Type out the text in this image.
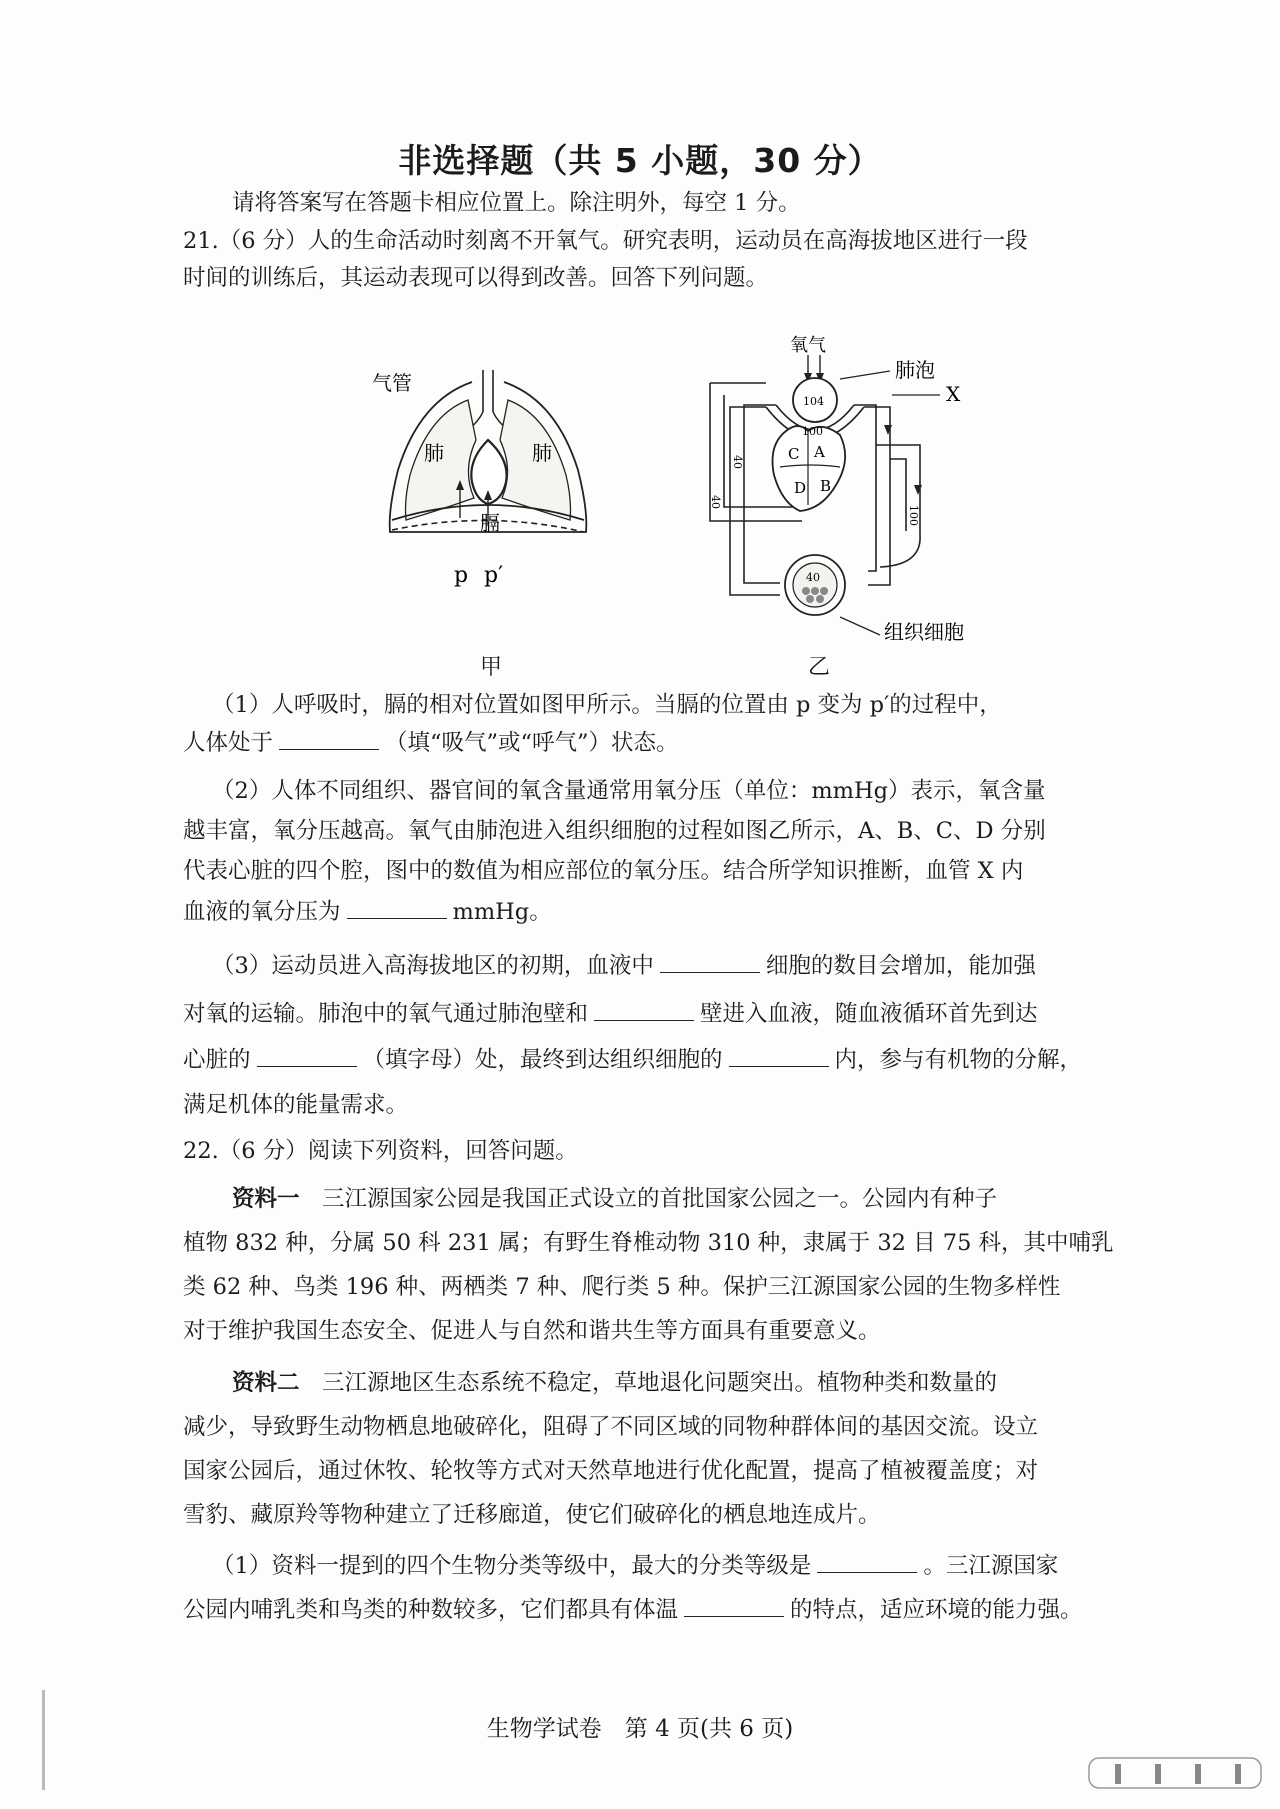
非选择题（共 5 小题，30 分）
请将答案写在答题卡相应位置上。除注明外，每空 1 分。
21.（6 分）人的生命活动时刻离不开氧气。研究表明，运动员在高海拔地区进行一段
时间的训练后，其运动表现可以得到改善。回答下列问题。
气管
肺	肺
膈
p p′
甲
氧气
肺泡
X
组织细胞
104
100
40
40
100
40
A
B
C
D
乙
（1）人呼吸时，膈的相对位置如图甲所示。当膈的位置由 p 变为 p′的过程中，
人体处于	（填“吸气”或“呼气”）状态。
（2）人体不同组织、器官间的氧含量通常用氧分压（单位：mmHg）表示，氧含量
越丰富，氧分压越高。氧气由肺泡进入组织细胞的过程如图乙所示，A、B、C、D 分别
代表心脏的四个腔，图中的数值为相应部位的氧分压。结合所学知识推断，血管 X 内
血液的氧分压为	mmHg。
（3）运动员进入高海拔地区的初期，血液中	细胞的数目会增加，能加强
对氧的运输。肺泡中的氧气通过肺泡壁和	壁进入血液，随血液循环首先到达
心脏的	（填字母）处，最终到达组织细胞的	内，参与有机物的分解，
满足机体的能量需求。
22.（6 分）阅读下列资料，回答问题。
资料一　 三江源国家公园是我国正式设立的首批国家公园之一。公园内有种子
植物 832 种，分属 50 科 231 属；有野生脊椎动物 310 种，隶属于 32 目 75 科，其中哺乳
类 62 种、鸟类 196 种、两栖类 7 种、爬行类 5 种。保护三江源国家公园的生物多样性
对于维护我国生态安全、促进人与自然和谐共生等方面具有重要意义。
资料二　 三江源地区生态系统不稳定，草地退化问题突出。植物种类和数量的
减少，导致野生动物栖息地破碎化，阻碍了不同区域的同物种群体间的基因交流。设立
国家公园后，通过休牧、轮牧等方式对天然草地进行优化配置，提高了植被覆盖度；对
雪豹、藏原羚等物种建立了迁移廊道，使它们破碎化的栖息地连成片。
（1）资料一提到的四个生物分类等级中，最大的分类等级是	。三江源国家
公园内哺乳类和鸟类的种数较多，它们都具有体温	的特点，适应环境的能力强。
生物学试卷　第 4 页(共 6 页)
